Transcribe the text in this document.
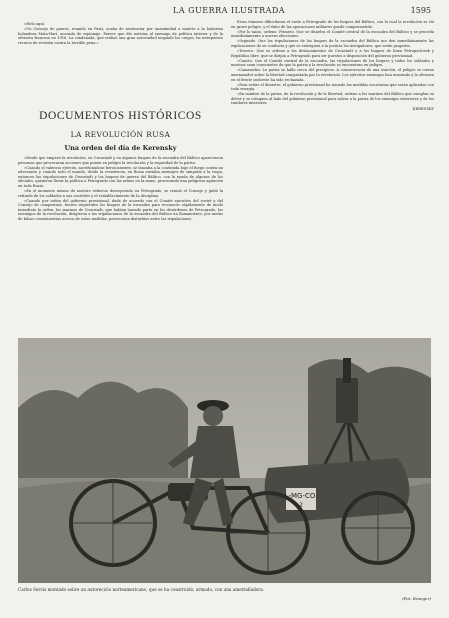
LA GUERRA ILUSTRADA	1595

«Helo aquí.

»Un Consejo de guerra, reunido en París, acaba de sentenciar por unanimidad a muerte a la bailarina holandesa Mata-Hari, acusada de espionaje. Parece que dió noticias al enemigo de política interior y de la ofensiva francesa en 1916. La condenada, que realizó una gran sarcenidad negando los cargos, ha interpuesto recurso de revisión contra la terrible pena.»

DOCUMENTOS HISTÓRICOS
LA REVOLUCIÓN RUSA
Una orden del día de Kerensky

«Desde que empezó la revolución, en Cronstadt y en algunos buques de la escuadra del Báltico aparecieron personas que provocaron acciones que ponen en peligro la revolución y la seguridad de la patria.

»Cuando el valeroso ejército, sacrificándose heroicamente, se lanzaba a la contienda bajo el fuego contra un adversario y cuando todo el mundo, desde la resistencia, en Rusia enviaba mensajes de simpatía a la tropa, entonces las tripulaciones de Cronstadt y los buques de guerra del Báltico, con la ayuda de algunos de los oficiales, quisieron llevar la política a Petrogrado con las armas en la mano, provocando una peligrosa agitación en toda Rusia.

»En el momento mismo de nuestro esfuerzo desesperado en Petrogrado, se reunió el Consejo y pidió la retirada de los soldados a sus cuarteles y el restablecimiento de la disciplina.

»Cuando por orden del gobierno provisional, dada de acuerdo con el Comité ejecutivo del soviet y del Consejo de campesinos, fueron requeridos los buques de la escuadra para reconocer rápidamente de modo inmediato la orden, los marinos de Cronstadt, que habían tomado parte en los desórdenes de Petrogrado, los enemigos de la revolución, dirigieron a las tripulaciones de la escuadra del Báltico un llamamiento, por medio de falsos comentaristas acerca de estas medidas, provocaron disturbios entre las tripulaciones.

Estos temores dificultaron el envío a Petrogrado de los buques del Báltico, con lo cual la revolución se vió en grave peligro, y el éxito de las operaciones militares quedó comprometido.

»Por lo tanto, ordeno: Primero. Que se disuelva el Comité central de la escuadra del Báltico y se proceda inmediatamente a nuevas elecciones.

»Segundo. Que las tripulaciones de los buques de la escuadra del Báltico me den inmediatamente las explicaciones de su conducta y que se entreguen a la justicia los instigadores, que serán juzgados.

»Tercero. Que se ordene a los destacamentos de Cronstadt y a los buques de línea Petropavlovsk y República libre, que se dirijan a Petrogrado para ser puestos a disposición del gobierno provisional.

»Cuarto. Que el Comité central de la escuadra, las tripulaciones de los buques y todos los soldados y marinos sean conscientes de que la patria y la revolución se encuentran en peligro.

»Camaradas: La patria se halla cerca del precipicio. A consecuencia de una traición, el peligro se cierne amenazador sobre la libertad conquistada por la revolución. Los ejércitos enemigos han avanzado y la ofensiva en el frente sudoeste ha sido rechazada.

»Para evitar el desastre, el gobierno provisional ha tomado las medidas necesarias que serán aplicadas con toda energía.

»En nombre de la patria, de la revolución y de la libertad, ordeno a los marinos del Báltico que cumplan su deber y se coloquen al lado del gobierno provisional para salvar a la patria de los enemigos exteriores y de los traidores interiores.

KERENSKY

L-MG-CO.
2
Carlos Servis montado sobre un autoreciclo norteamericano, que se ha construido, armado, con una ametralladora.
(Fot. Branger)
